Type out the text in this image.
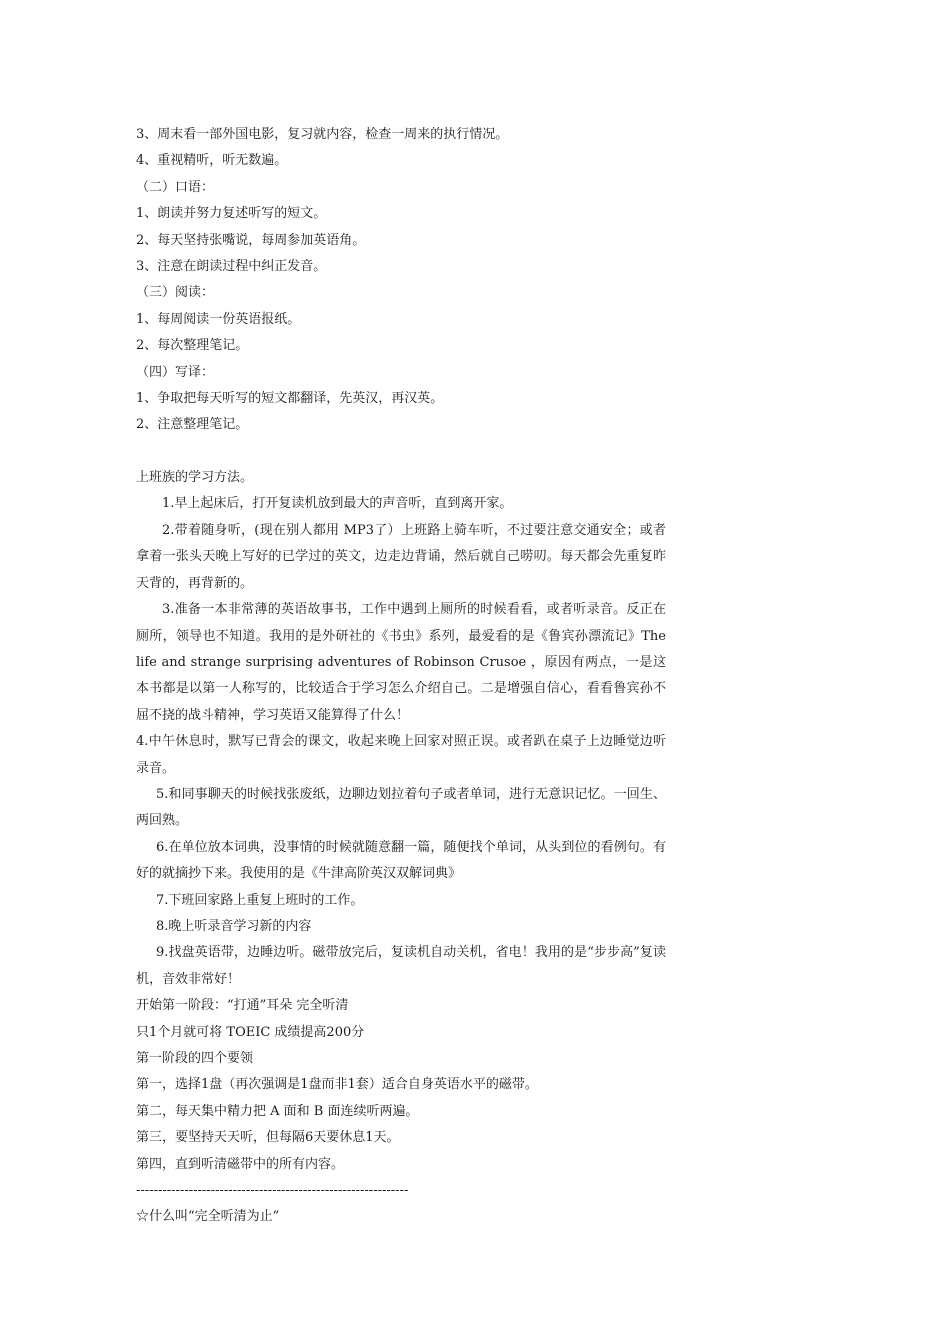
3、周末看一部外国电影，复习就内容，检查一周来的执行情况。
4、重视精听，听无数遍。
（二）口语：
1、朗读并努力复述听写的短文。
2、每天坚持张嘴说，每周参加英语角。
3、注意在朗读过程中纠正发音。
（三）阅读：
1、每周阅读一份英语报纸。
2、每次整理笔记。
（四）写译：
1、争取把每天听写的短文都翻译，先英汉，再汉英。
2、注意整理笔记。
上班族的学习方法。
1.早上起床后，打开复读机放到最大的声音听，直到离开家。
2.带着随身听，(现在别人都用 MP3了）上班路上骑车听，不过要注意交通安全；或者拿着一张头天晚上写好的已学过的英文，边走边背诵，然后就自己唠叨。每天都会先重复昨天背的，再背新的。
3.准备一本非常薄的英语故事书，工作中遇到上厕所的时候看看，或者听录音。反正在厕所，领导也不知道。我用的是外研社的《书虫》系列，最爱看的是《鲁宾孙漂流记》The life and strange surprising adventures of Robinson Crusoe ，原因有两点，一是这本书都是以第一人称写的，比较适合于学习怎么介绍自己。二是增强自信心，看看鲁宾孙不屈不挠的战斗精神，学习英语又能算得了什么！
4.中午休息时，默写已背会的课文，收起来晚上回家对照正误。或者趴在桌子上边睡觉边听录音。
5.和同事聊天的时候找张废纸，边聊边划拉着句子或者单词，进行无意识记忆。一回生、两回熟。
6.在单位放本词典，没事情的时候就随意翻一篇，随便找个单词，从头到位的看例句。有好的就摘抄下来。我使用的是《牛津高阶英汉双解词典》
7.下班回家路上重复上班时的工作。
8.晚上听录音学习新的内容
9.找盘英语带，边睡边听。磁带放完后，复读机自动关机，省电！我用的是“步步高”复读机，音效非常好！
开始第一阶段：“打通”耳朵 完全听清
只1个月就可将 TOEIC 成绩提高200分
第一阶段的四个要领
第一，选择1盘（再次强调是1盘而非1套）适合自身英语水平的磁带。
第二，每天集中精力把 A 面和 B 面连续听两遍。
第三，要坚持天天听，但每隔6天要休息1天。
第四，直到听清磁带中的所有内容。
--------------------------------------------------------------
☆什么叫“完全听清为止”
